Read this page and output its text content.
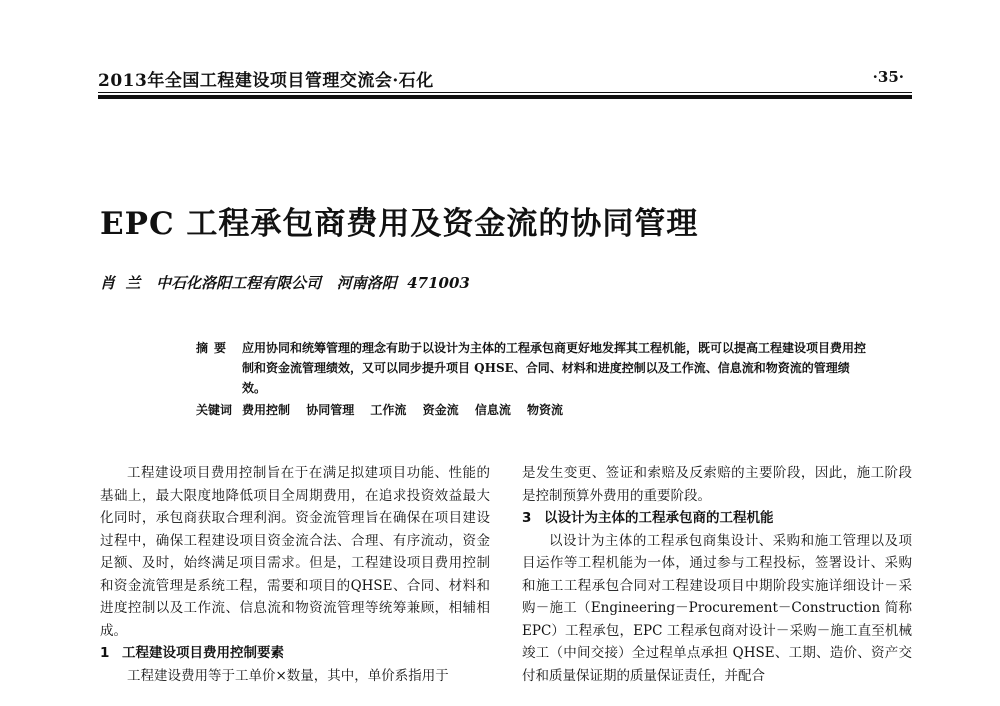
2013年全国工程建设项目管理交流会·石化	·35·
EPC 工程承包商费用及资金流的协同管理
肖  兰   中石化洛阳工程有限公司   河南洛阳  471003
摘要 应用协同和统筹管理的理念有助于以设计为主体的工程承包商更好地发挥其工程机能，既可以提高工程建设项目费用控制和资金流管理绩效，又可以同步提升项目 QHSE、合同、材料和进度控制以及工作流、信息流和物资流的管理绩效。
关键词 费用控制 协同管理 工作流 资金流 信息流 物资流

工程建设项目费用控制旨在于在满足拟建项目功能、性能的基础上，最大限度地降低项目全周期费用，在追求投资效益最大化同时，承包商获取合理利润。资金流管理旨在确保在项目建设过程中，确保工程建设项目资金流合法、合理、有序流动，资金足额、及时，始终满足项目需求。但是，工程建设项目费用控制和资金流管理是系统工程，需要和项目的QHSE、合同、材料和进度控制以及工作流、信息流和物资流管理等统筹兼顾，相辅相成。

1 工程建设项目费用控制要素

工程建设费用等于工单价×数量，其中，单价系指用于

是发生变更、签证和索赔及反索赔的主要阶段，因此，施工阶段是控制预算外费用的重要阶段。

3 以设计为主体的工程承包商的工程机能

以设计为主体的工程承包商集设计、采购和施工管理以及项目运作等工程机能为一体，通过参与工程投标，签署设计、采购和施工工程承包合同对工程建设项目中期阶段实施详细设计－采购－施工（Engineering－Procurement－Construction 简称 EPC）工程承包，EPC 工程承包商对设计－采购－施工直至机械竣工（中间交接）全过程单点承担 QHSE、工期、造价、资产交付和质量保证期的质量保证责任，并配合
